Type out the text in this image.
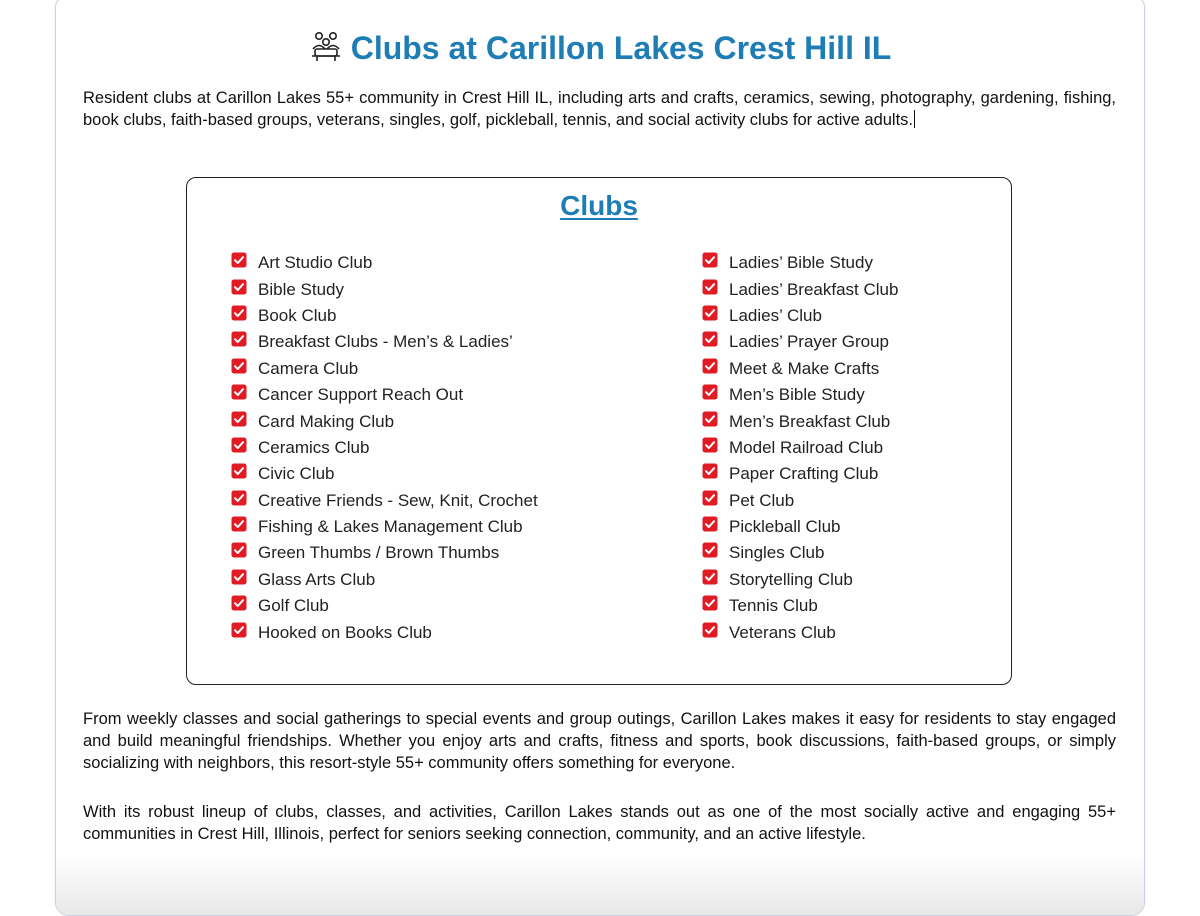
Clubs at Carillon Lakes Crest Hill IL

Resident clubs at Carillon Lakes 55+ community in Crest Hill IL, including arts and crafts, ceramics, sewing, photography, gardening, fishing, book clubs, faith-based groups, veterans, singles, golf, pickleball, tennis, and social activity clubs for active adults.

Clubs
Art Studio Club
Bible Study
Book Club
Breakfast Clubs - Men’s & Ladies’
Camera Club
Cancer Support Reach Out
Card Making Club
Ceramics Club
Civic Club
Creative Friends - Sew, Knit, Crochet
Fishing & Lakes Management Club
Green Thumbs / Brown Thumbs
Glass Arts Club
Golf Club
Hooked on Books Club
Ladies’ Bible Study
Ladies’ Breakfast Club
Ladies’ Club
Ladies’ Prayer Group
Meet & Make Crafts
Men’s Bible Study
Men’s Breakfast Club
Model Railroad Club
Paper Crafting Club
Pet Club
Pickleball Club
Singles Club
Storytelling Club
Tennis Club
Veterans Club

From weekly classes and social gatherings to special events and group outings, Carillon Lakes makes it easy for residents to stay engaged and build meaningful friendships. Whether you enjoy arts and crafts, fitness and sports, book discussions, faith-based groups, or simply socializing with neighbors, this resort-style 55+ community offers something for everyone.

With its robust lineup of clubs, classes, and activities, Carillon Lakes stands out as one of the most socially active and engaging 55+ communities in Crest Hill, Illinois, perfect for seniors seeking connection, community, and an active lifestyle.
